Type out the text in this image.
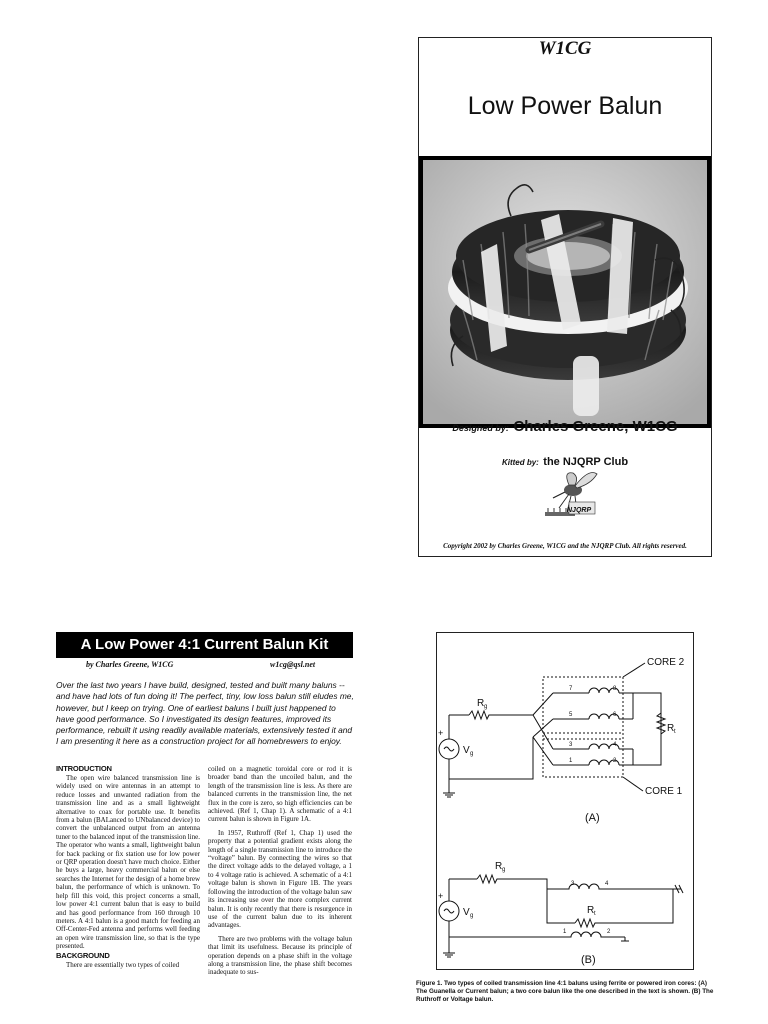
W1CG
Low Power Balun
Designed by: Charles Greene, W1CG
Kitted by: the NJQRP Club
NJQRP
Copyright 2002 by Charles Greene, W1CG and the NJQRP Club. All rights reserved.
A Low Power 4:1 Current Balun Kit
by Charles Greene, W1CG	w1cg@qsl.net

Over the last two years I have build, designed, tested and built many baluns -- and have had lots of fun doing it! The perfect, tiny, low loss balun still eludes me, however, but I keep on trying. One of earliest baluns I built just happened to have good performance. So I investigated its design features, improved its performance, rebuilt it using readily available materials, extensively tested it and I am presenting it here as a construction project for all homebrewers to enjoy.

INTRODUCTION

The open wire balanced transmission line is widely used on wire antennas in an attempt to reduce losses and unwanted radiation from the transmission line and as a small lightweight alternative to coax for portable use. It benefits from a balun (BALanced to UNbalanced device) to convert the unbalanced output from an antenna tuner to the balanced input of the transmission line. The operator who wants a small, lightweight balun for back packing or fix station use for low power or QRP operation doesn't have much choice. Either he buys a large, heavy commercial balun or else searches the Internet for the design of a home brew balun, the performance of which is unknown. To help fill this void, this project concerns a small, low power 4:1 current balun that is easy to build and has good performance from 160 through 10 meters. A 4:1 balun is a good match for feeding an Off-Center-Fed antenna and performs well feeding an open wire transmission line, so that is the type presented.

BACKGROUND

There are essentially two types of coiled

coiled on a magnetic toroidal core or rod it is broader band than the uncoiled balun, and the length of the transmission line is less. As there are balanced currents in the transmission line, the net flux in the core is zero, so high efficiencies can be achieved. (Ref 1, Chap 1). A schematic of a 4:1 current balun is shown in Figure 1A.

In 1957, Ruthroff (Ref 1, Chap 1) used the property that a potential gradient exists along the length of a single transmission line to introduce the “voltage” balun. By connecting the wires so that the direct voltage adds to the delayed voltage, a 1 to 4 voltage ratio is achieved. A schematic of a 4:1 voltage balun is shown in Figure 1B. The years following the introduction of the voltage balun saw its increasing use over the more complex current balun. It is only recently that there is resurgence in use of the current balun due to its inherent advantages.

There are two problems with the voltage balun that limit its usefulness. Because its principle of operation depends on a phase shift in the voltage along a transmission line, the phase shift becomes inadequate to sus-

CORE 2
CORE 1
R g
V g
R t
+
7	8
5	6
3	4
1	2
(A)
R g
V g
+
R t
3	4
1	2
(B)

Figure 1. Two types of coiled transmission line 4:1 baluns using ferrite or powered iron cores: (A) The Guanella or Current balun; a two core balun like the one described in the text is shown. (B) The Ruthroff or Voltage balun.
